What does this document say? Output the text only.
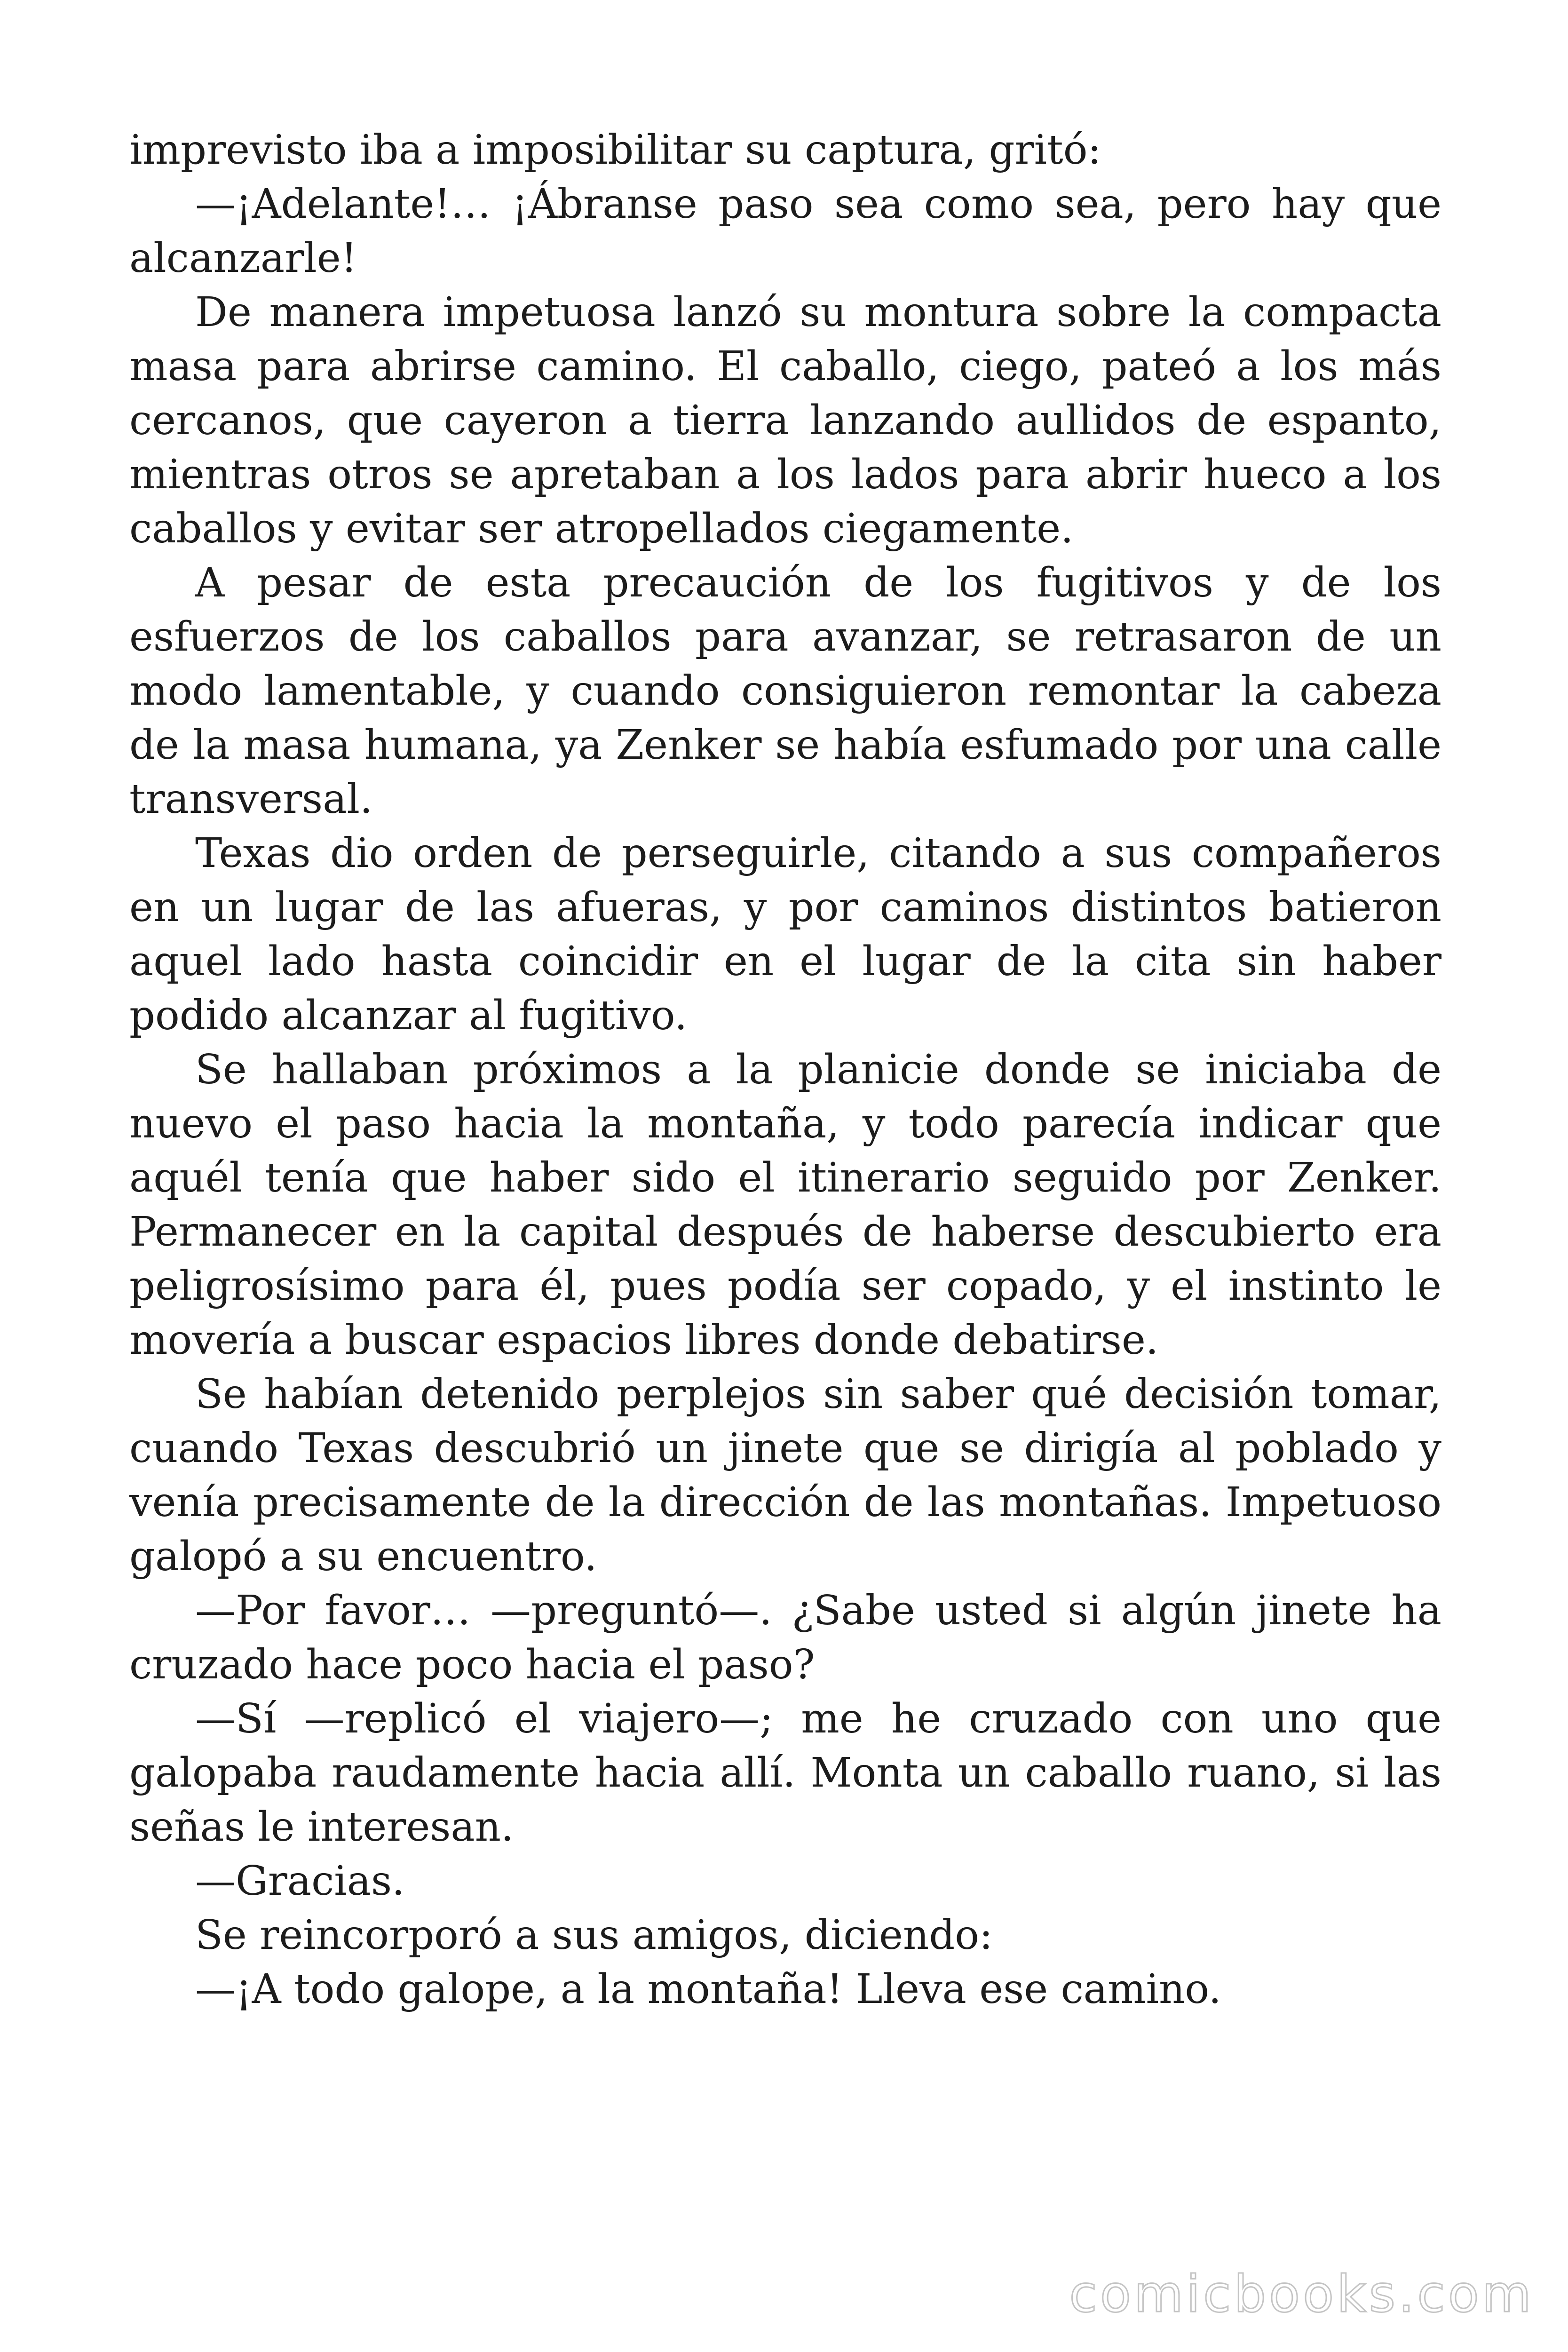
imprevisto iba a imposibilitar su captura, gritó:

—¡Adelante!… ¡Ábranse paso sea como sea, pero hay que alcanzarle!

De manera impetuosa lanzó su montura sobre la compacta masa para abrirse camino. El caballo, ciego, pateó a los más cercanos, que cayeron a tierra lanzando aullidos de espanto, mientras otros se apretaban a los lados para abrir hueco a los caballos y evitar ser atropellados ciegamente.

A pesar de esta precaución de los fugitivos y de los esfuerzos de los caballos para avanzar, se retrasaron de un modo lamentable, y cuando consiguieron remontar la cabeza de la masa humana, ya Zenker se había esfumado por una calle transversal.

Texas dio orden de perseguirle, citando a sus compañeros en un lugar de las afueras, y por caminos distintos batieron aquel lado hasta coincidir en el lugar de la cita sin haber podido alcanzar al fugitivo.

Se hallaban próximos a la planicie donde se iniciaba de nuevo el paso hacia la montaña, y todo parecía indicar que aquél tenía que haber sido el itinerario seguido por Zenker. Permanecer en la capital después de haberse descubierto era peligrosísimo para él, pues podía ser copado, y el instinto le movería a buscar espacios libres donde debatirse.

Se habían detenido perplejos sin saber qué decisión tomar, cuando Texas descubrió un jinete que se dirigía al poblado y venía precisamente de la dirección de las montañas. Impetuoso galopó a su encuentro.

—Por favor… —preguntó—. ¿Sabe usted si algún jinete ha cruzado hace poco hacia el paso?

—Sí —replicó el viajero—; me he cruzado con uno que galopaba raudamente hacia allí. Monta un caballo ruano, si las señas le interesan.

—Gracias.

Se reincorporó a sus amigos, diciendo:

—¡A todo galope, a la montaña! Lleva ese camino.

comicbooks.com
